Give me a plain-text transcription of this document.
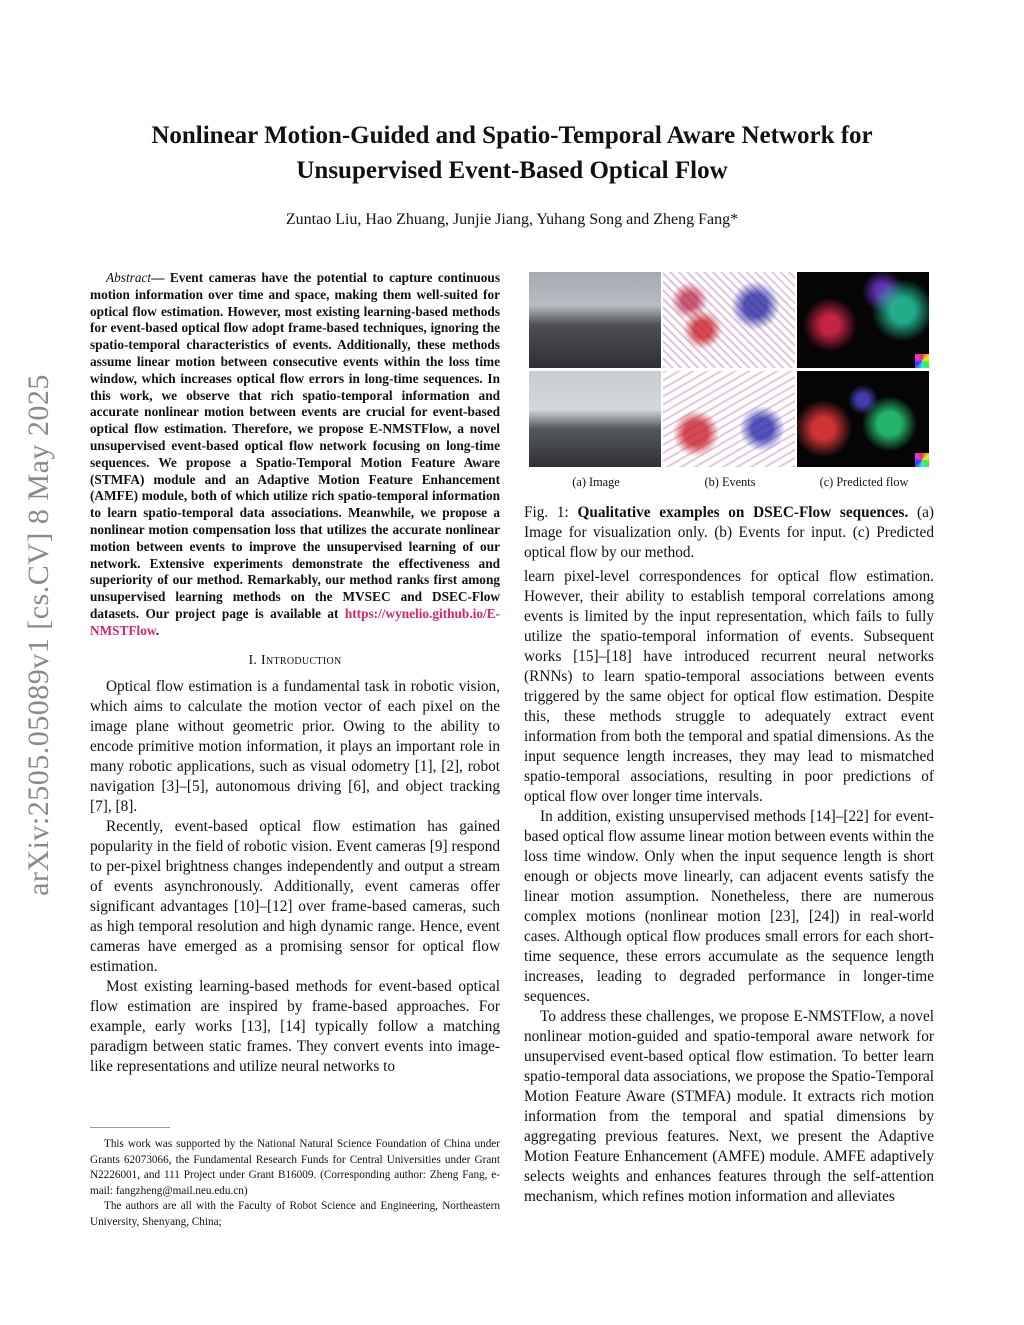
arXiv:2505.05089v1 [cs.CV] 8 May 2025
Nonlinear Motion-Guided and Spatio-Temporal Aware Network for
Unsupervised Event-Based Optical Flow
Zuntao Liu, Hao Zhuang, Junjie Jiang, Yuhang Song and Zheng Fang*

Abstract— Event cameras have the potential to capture continuous motion information over time and space, making them well-suited for optical flow estimation. However, most existing learning-based methods for event-based optical flow adopt frame-based techniques, ignoring the spatio-temporal characteristics of events. Additionally, these methods assume linear motion between consecutive events within the loss time window, which increases optical flow errors in long-time sequences. In this work, we observe that rich spatio-temporal information and accurate nonlinear motion between events are crucial for event-based optical flow estimation. Therefore, we propose E-NMSTFlow, a novel unsupervised event-based optical flow network focusing on long-time sequences. We propose a Spatio-Temporal Motion Feature Aware (STMFA) module and an Adaptive Motion Feature Enhancement (AMFE) module, both of which utilize rich spatio-temporal information to learn spatio-temporal data associations. Meanwhile, we propose a nonlinear motion compensation loss that utilizes the accurate nonlinear motion between events to improve the unsupervised learning of our network. Extensive experiments demonstrate the effectiveness and superiority of our method. Remarkably, our method ranks first among unsupervised learning methods on the MVSEC and DSEC-Flow datasets. Our project page is available at https://wynelio.github.io/E-NMSTFlow.

I. Introduction

Optical flow estimation is a fundamental task in robotic vision, which aims to calculate the motion vector of each pixel on the image plane without geometric prior. Owing to the ability to encode primitive motion information, it plays an important role in many robotic applications, such as visual odometry [1], [2], robot navigation [3]–[5], autonomous driving [6], and object tracking [7], [8].

Recently, event-based optical flow estimation has gained popularity in the field of robotic vision. Event cameras [9] respond to per-pixel brightness changes independently and output a stream of events asynchronously. Additionally, event cameras offer significant advantages [10]–[12] over frame-based cameras, such as high temporal resolution and high dynamic range. Hence, event cameras have emerged as a promising sensor for optical flow estimation.

Most existing learning-based methods for event-based optical flow estimation are inspired by frame-based approaches. For example, early works [13], [14] typically follow a matching paradigm between static frames. They convert events into image-like representations and utilize neural networks to

This work was supported by the National Natural Science Foundation of China under Grants 62073066, the Fundamental Research Funds for Central Universities under Grant N2226001, and 111 Project under Grant B16009. (Corresponding author: Zheng Fang, e-mail: fangzheng@mail.neu.edu.cn)

The authors are all with the Faculty of Robot Science and Engineering, Northeastern University, Shenyang, China;

(a) Image	(b) Events	(c) Predicted flow
Fig. 1: Qualitative examples on DSEC-Flow sequences. (a) Image for visualization only. (b) Events for input. (c) Predicted optical flow by our method.

learn pixel-level correspondences for optical flow estimation. However, their ability to establish temporal correlations among events is limited by the input representation, which fails to fully utilize the spatio-temporal information of events. Subsequent works [15]–[18] have introduced recurrent neural networks (RNNs) to learn spatio-temporal associations between events triggered by the same object for optical flow estimation. Despite this, these methods struggle to adequately extract event information from both the temporal and spatial dimensions. As the input sequence length increases, they may lead to mismatched spatio-temporal associations, resulting in poor predictions of optical flow over longer time intervals.

In addition, existing unsupervised methods [14]–[22] for event-based optical flow assume linear motion between events within the loss time window. Only when the input sequence length is short enough or objects move linearly, can adjacent events satisfy the linear motion assumption. Nonetheless, there are numerous complex motions (nonlinear motion [23], [24]) in real-world cases. Although optical flow produces small errors for each short-time sequence, these errors accumulate as the sequence length increases, leading to degraded performance in longer-time sequences.

To address these challenges, we propose E-NMSTFlow, a novel nonlinear motion-guided and spatio-temporal aware network for unsupervised event-based optical flow estimation. To better learn spatio-temporal data associations, we propose the Spatio-Temporal Motion Feature Aware (STMFA) module. It extracts rich motion information from the temporal and spatial dimensions by aggregating previous features. Next, we present the Adaptive Motion Feature Enhancement (AMFE) module. AMFE adaptively selects weights and enhances features through the self-attention mechanism, which refines motion information and alleviates
